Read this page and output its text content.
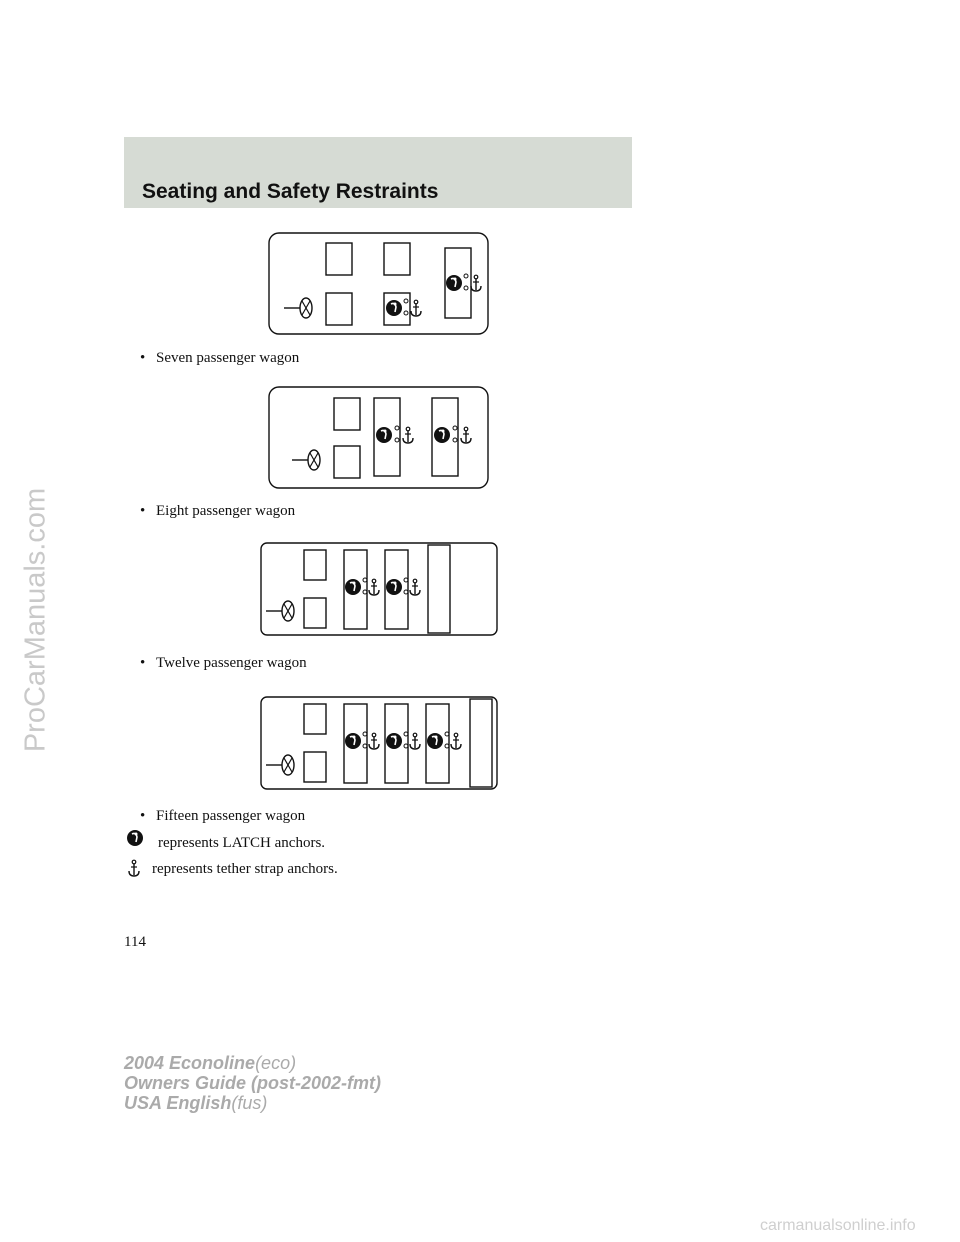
ProCarManuals.com
Seating and Safety Restraints
• Seven passenger wagon
• Eight passenger wagon
• Twelve passenger wagon
• Fifteen passenger wagon
represents LATCH anchors.
represents tether strap anchors.
114
2004 Econoline(eco)
Owners Guide (post-2002-fmt)
USA English(fus)
carmanualsonline.info
